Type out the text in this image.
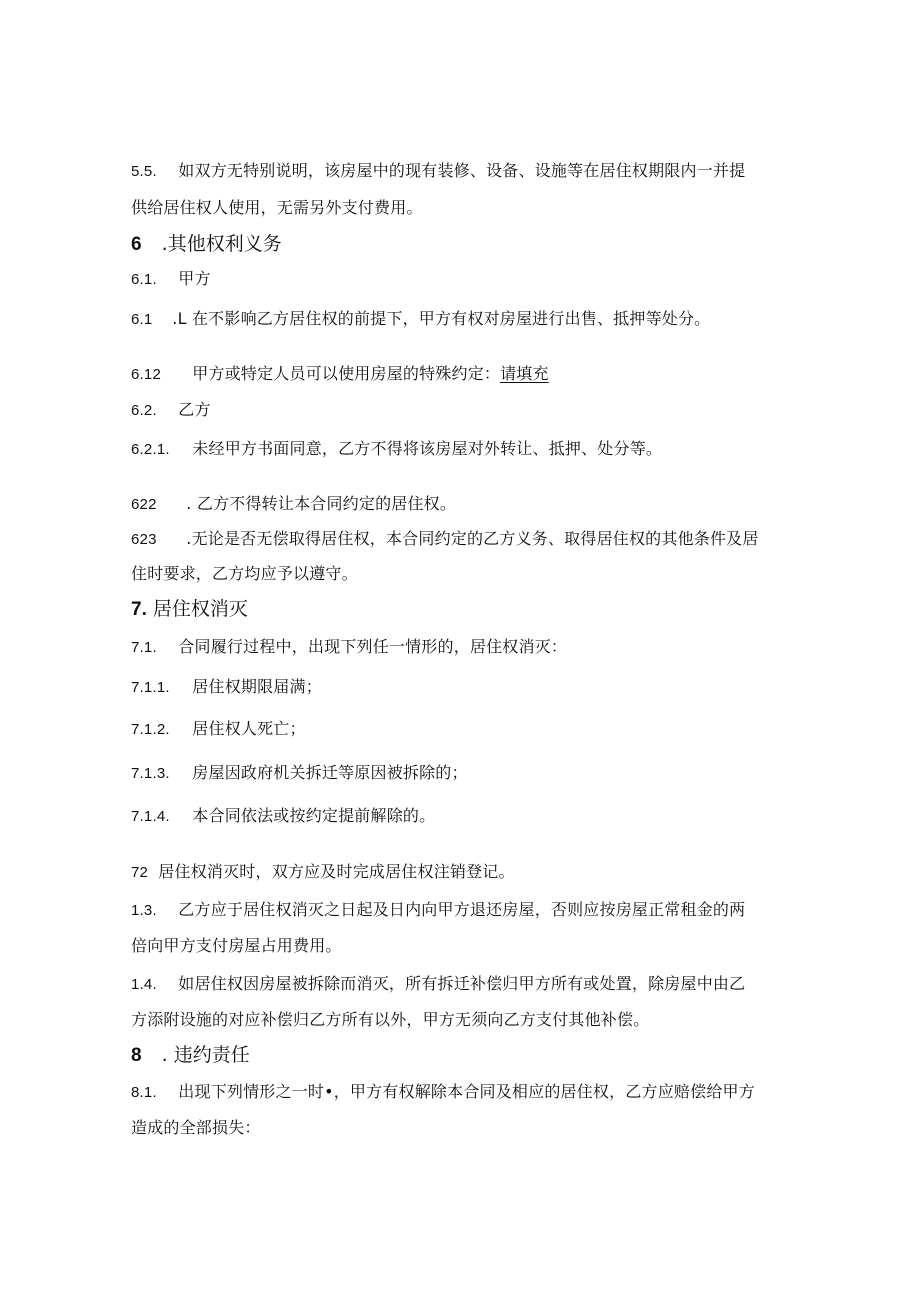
5.5. 如双方无特别说明，该房屋中的现有装修、设备、设施等在居住权期限内一并提
供给居住权人使用，无需另外支付费用。
6 .其他权利义务
6.1. 甲方
6.1 .L 在不影响乙方居住权的前提下，甲方有权对房屋进行出售、抵押等处分。
6.12 甲方或特定人员可以使用房屋的特殊约定：请填充
6.2. 乙方
6.2.1. 未经甲方书面同意，乙方不得将该房屋对外转让、抵押、处分等。
622 . 乙方不得转让本合同约定的居住权。
623 .无论是否无偿取得居住权，本合同约定的乙方义务、取得居住权的其他条件及居
住时要求，乙方均应予以遵守。
7. 居住权消灭
7.1. 合同履行过程中，出现下列任一情形的，居住权消灭：
7.1.1. 居住权期限届满；
7.1.2. 居住权人死亡；
7.1.3. 房屋因政府机关拆迁等原因被拆除的；
7.1.4. 本合同依法或按约定提前解除的。
72 居住权消灭时，双方应及时完成居住权注销登记。
1.3. 乙方应于居住权消灭之日起及日内向甲方退还房屋，否则应按房屋正常租金的两
倍向甲方支付房屋占用费用。
1.4. 如居住权因房屋被拆除而消灭，所有拆迁补偿归甲方所有或处置，除房屋中由乙
方添附设施的对应补偿归乙方所有以外，甲方无须向乙方支付其他补偿。
8 . 违约责任
8.1. 出现下列情形之一时•，甲方有权解除本合同及相应的居住权，乙方应赔偿给甲方
造成的全部损失：
